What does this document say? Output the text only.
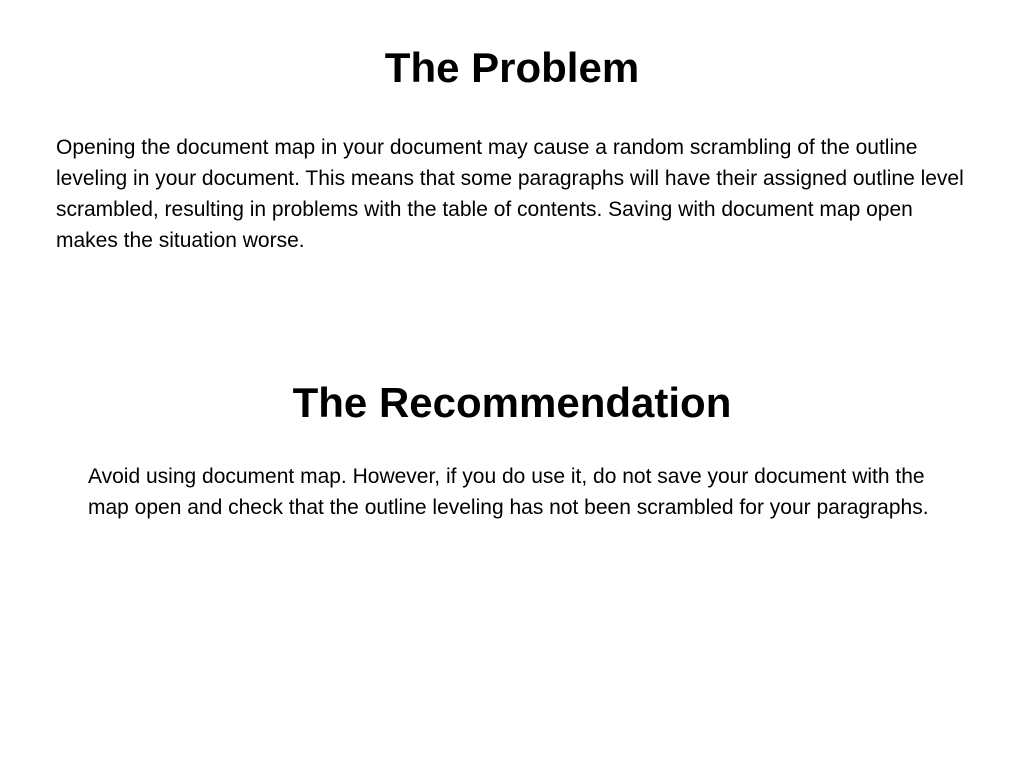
The Problem

Opening the document map in your document may cause a random scrambling of the outline leveling in your document. This means that some paragraphs will have their assigned outline level scrambled, resulting in problems with the table of contents. Saving with document map open makes the situation worse.

The Recommendation

Avoid using document map. However, if you do use it, do not save your document with the map open and check that the outline leveling has not been scrambled for your paragraphs.
